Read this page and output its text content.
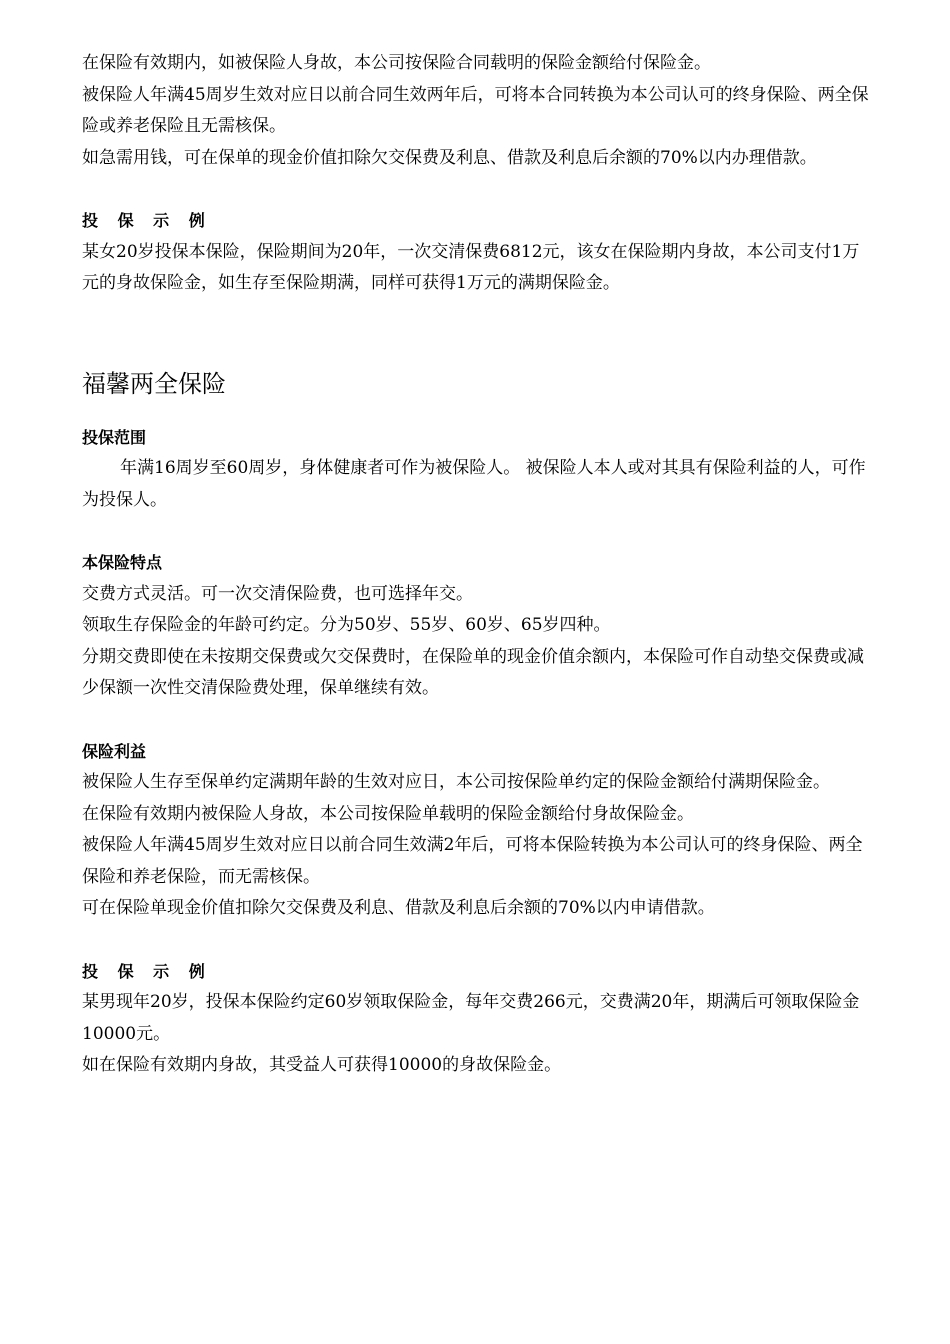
在保险有效期内，如被保险人身故，本公司按保险合同载明的保险金额给付保险金。

被保险人年满45周岁生效对应日以前合同生效两年后，可将本合同转换为本公司认可的终身保险、两全保险或养老保险且无需核保。

如急需用钱，可在保单的现金价值扣除欠交保费及利息、借款及利息后余额的70%以内办理借款。

投 保 示 例

某女20岁投保本保险，保险期间为20年，一次交清保费6812元，该女在保险期内身故，本公司支付1万元的身故保险金，如生存至保险期满，同样可获得1万元的满期保险金。

福馨两全保险

投保范围

年满16周岁至60周岁，身体健康者可作为被保险人。 被保险人本人或对其具有保险利益的人，可作为投保人。

本保险特点

交费方式灵活。可一次交清保险费，也可选择年交。

领取生存保险金的年龄可约定。分为50岁、55岁、60岁、65岁四种。

分期交费即使在未按期交保费或欠交保费时，在保险单的现金价值余额内，本保险可作自动垫交保费或减少保额一次性交清保险费处理，保单继续有效。

保险利益

被保险人生存至保单约定满期年龄的生效对应日，本公司按保险单约定的保险金额给付满期保险金。

在保险有效期内被保险人身故，本公司按保险单载明的保险金额给付身故保险金。

被保险人年满45周岁生效对应日以前合同生效满2年后，可将本保险转换为本公司认可的终身保险、两全保险和养老保险，而无需核保。

可在保险单现金价值扣除欠交保费及利息、借款及利息后余额的70%以内申请借款。

投 保 示 例

某男现年20岁，投保本保险约定60岁领取保险金，每年交费266元，交费满20年，期满后可领取保险金10000元。

如在保险有效期内身故，其受益人可获得10000的身故保险金。
